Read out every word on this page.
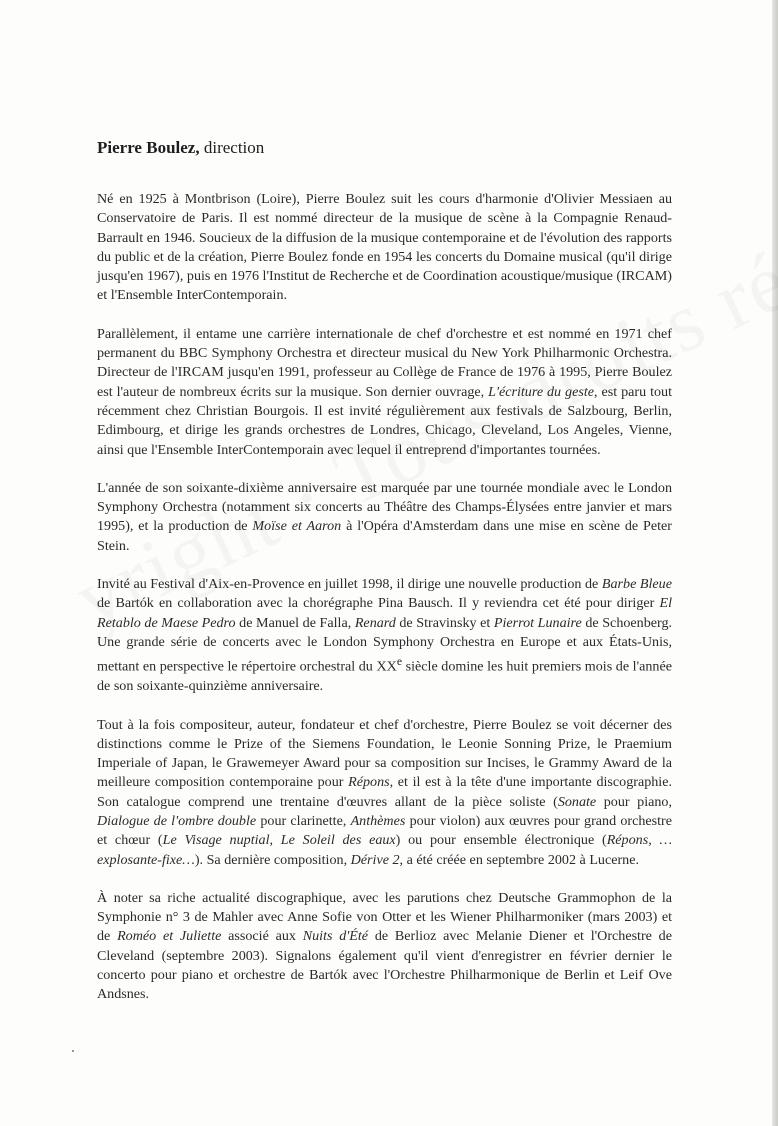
Pierre Boulez, direction

Né en 1925 à Montbrison (Loire), Pierre Boulez suit les cours d'harmonie d'Olivier Messiaen au Conservatoire de Paris. Il est nommé directeur de la musique de scène à la Compagnie Renaud-Barrault en 1946. Soucieux de la diffusion de la musique contemporaine et de l'évolution des rapports du public et de la création, Pierre Boulez fonde en 1954 les concerts du Domaine musical (qu'il dirige jusqu'en 1967), puis en 1976 l'Institut de Recherche et de Coordination acoustique/musique (IRCAM) et l'Ensemble InterContemporain.

Parallèlement, il entame une carrière internationale de chef d'orchestre et est nommé en 1971 chef permanent du BBC Symphony Orchestra et directeur musical du New York Philharmonic Orchestra. Directeur de l'IRCAM jusqu'en 1991, professeur au Collège de France de 1976 à 1995, Pierre Boulez est l'auteur de nombreux écrits sur la musique. Son dernier ouvrage, L'écriture du geste, est paru tout récemment chez Christian Bourgois. Il est invité régulièrement aux festivals de Salzbourg, Berlin, Edimbourg, et dirige les grands orchestres de Londres, Chicago, Cleveland, Los Angeles, Vienne, ainsi que l'Ensemble InterContemporain avec lequel il entreprend d'importantes tournées.

L'année de son soixante-dixième anniversaire est marquée par une tournée mondiale avec le London Symphony Orchestra (notamment six concerts au Théâtre des Champs-Élysées entre janvier et mars 1995), et la production de Moïse et Aaron à l'Opéra d'Amsterdam dans une mise en scène de Peter Stein.

Invité au Festival d'Aix-en-Provence en juillet 1998, il dirige une nouvelle production de Barbe Bleue de Bartók en collaboration avec la chorégraphe Pina Bausch. Il y reviendra cet été pour diriger El Retablo de Maese Pedro de Manuel de Falla, Renard de Stravinsky et Pierrot Lunaire de Schoenberg. Une grande série de concerts avec le London Symphony Orchestra en Europe et aux États-Unis, mettant en perspective le répertoire orchestral du XXe siècle domine les huit premiers mois de l'année de son soixante-quinzième anniversaire.

Tout à la fois compositeur, auteur, fondateur et chef d'orchestre, Pierre Boulez se voit décerner des distinctions comme le Prize of the Siemens Foundation, le Leonie Sonning Prize, le Praemium Imperiale of Japan, le Grawemeyer Award pour sa composition sur Incises, le Grammy Award de la meilleure composition contemporaine pour Répons, et il est à la tête d'une importante discographie. Son catalogue comprend une trentaine d'œuvres allant de la pièce soliste (Sonate pour piano, Dialogue de l'ombre double pour clarinette, Anthèmes pour violon) aux œuvres pour grand orchestre et chœur (Le Visage nuptial, Le Soleil des eaux) ou pour ensemble électronique (Répons, … explosante-fixe…). Sa dernière composition, Dérive 2, a été créée en septembre 2002 à Lucerne.

À noter sa riche actualité discographique, avec les parutions chez Deutsche Grammophon de la Symphonie n° 3 de Mahler avec Anne Sofie von Otter et les Wiener Philharmoniker (mars 2003) et de Roméo et Juliette associé aux Nuits d'Été de Berlioz avec Melanie Diener et l'Orchestre de Cleveland (septembre 2003). Signalons également qu'il vient d'enregistrer en février dernier le concerto pour piano et orchestre de Bartók avec l'Orchestre Philharmonique de Berlin et Leif Ove Andsnes.
